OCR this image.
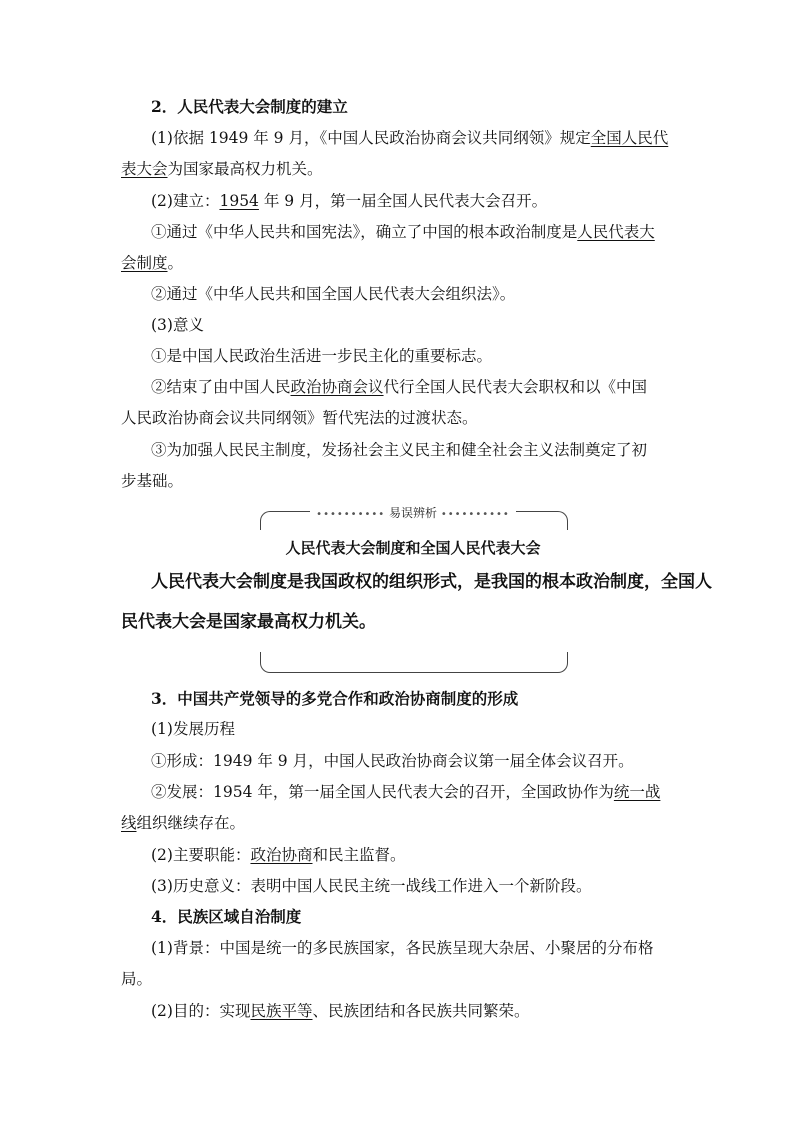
2．人民代表大会制度的建立
(1)依据 1949 年 9 月，《中国人民政治协商会议共同纲领》规定全国人民代
表大会为国家最高权力机关。
(2)建立：1954 年 9 月，第一届全国人民代表大会召开。
①通过《中华人民共和国宪法》，确立了中国的根本政治制度是人民代表大
会制度。
②通过《中华人民共和国全国人民代表大会组织法》。
(3)意义
①是中国人民政治生活进一步民主化的重要标志。
②结束了由中国人民政治协商会议代行全国人民代表大会职权和以《中国
人民政治协商会议共同纲领》暂代宪法的过渡状态。
③为加强人民民主制度，发扬社会主义民主和健全社会主义法制奠定了初
步基础。
•••••••••• 易误辨析 ••••••••••
人民代表大会制度和全国人民代表大会
人民代表大会制度是我国政权的组织形式，是我国的根本政治制度，全国人
民代表大会是国家最高权力机关。
3．中国共产党领导的多党合作和政治协商制度的形成
(1)发展历程
①形成：1949 年 9 月，中国人民政治协商会议第一届全体会议召开。
②发展：1954 年，第一届全国人民代表大会的召开，全国政协作为统一战
线组织继续存在。
(2)主要职能：政治协商和民主监督。
(3)历史意义：表明中国人民民主统一战线工作进入一个新阶段。
4．民族区域自治制度
(1)背景：中国是统一的多民族国家，各民族呈现大杂居、小聚居的分布格
局。
(2)目的：实现民族平等、民族团结和各民族共同繁荣。
